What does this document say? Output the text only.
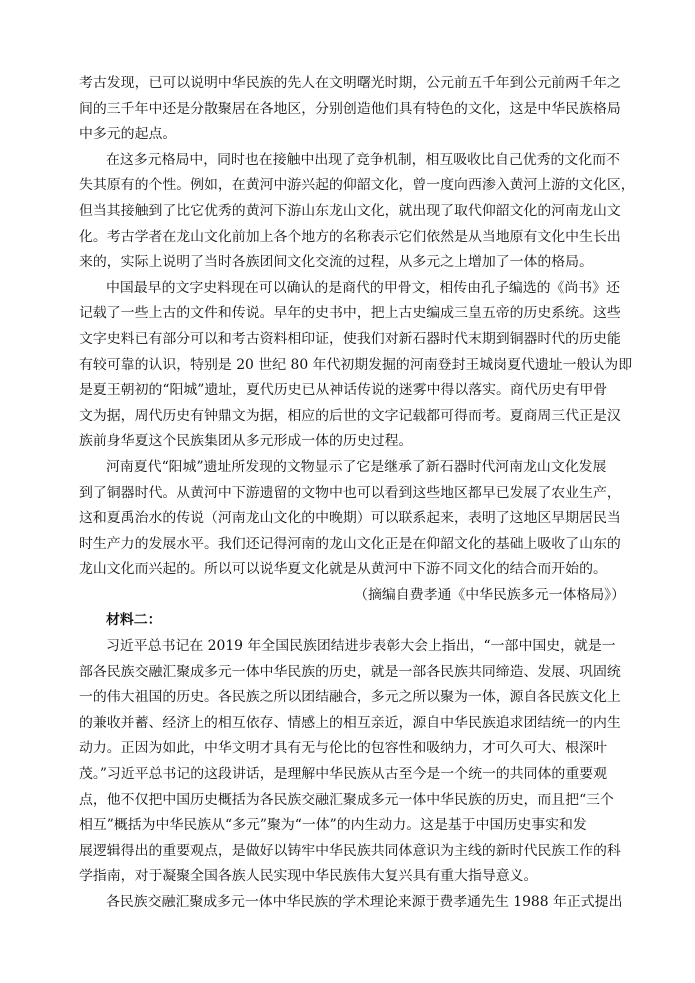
考古发现，已可以说明中华民族的先人在文明曙光时期，公元前五千年到公元前两千年之
间的三千年中还是分散聚居在各地区，分别创造他们具有特色的文化，这是中华民族格局
中多元的起点。
在这多元格局中，同时也在接触中出现了竞争机制，相互吸收比自己优秀的文化而不
失其原有的个性。例如，在黄河中游兴起的仰韶文化，曾一度向西渗入黄河上游的文化区，
但当其接触到了比它优秀的黄河下游山东龙山文化，就出现了取代仰韶文化的河南龙山文
化。考古学者在龙山文化前加上各个地方的名称表示它们依然是从当地原有文化中生长出
来的，实际上说明了当时各族团间文化交流的过程，从多元之上增加了一体的格局。
中国最早的文字史料现在可以确认的是商代的甲骨文，相传由孔子编选的《尚书》还
记载了一些上古的文件和传说。早年的史书中，把上古史编成三皇五帝的历史系统。这些
文字史料已有部分可以和考古资料相印证，使我们对新石器时代末期到铜器时代的历史能
有较可靠的认识，特别是 20 世纪 80 年代初期发掘的河南登封王城岗夏代遗址一般认为即
是夏王朝初的“阳城”遗址，夏代历史已从神话传说的迷雾中得以落实。商代历史有甲骨
文为据，周代历史有钟鼎文为据，相应的后世的文字记载都可得而考。夏商周三代正是汉
族前身华夏这个民族集团从多元形成一体的历史过程。
河南夏代“阳城”遗址所发现的文物显示了它是继承了新石器时代河南龙山文化发展
到了铜器时代。从黄河中下游遗留的文物中也可以看到这些地区都早已发展了农业生产，
这和夏禹治水的传说（河南龙山文化的中晚期）可以联系起来，表明了这地区早期居民当
时生产力的发展水平。我们还记得河南的龙山文化正是在仰韶文化的基础上吸收了山东的
龙山文化而兴起的。所以可以说华夏文化就是从黄河中下游不同文化的结合而开始的。
（摘编自费孝通《中华民族多元一体格局》）
材料二：
习近平总书记在 2019 年全国民族团结进步表彰大会上指出，“一部中国史，就是一
部各民族交融汇聚成多元一体中华民族的历史，就是一部各民族共同缔造、发展、巩固统
一的伟大祖国的历史。各民族之所以团结融合，多元之所以聚为一体，源自各民族文化上
的兼收并蓄、经济上的相互依存、情感上的相互亲近，源自中华民族追求团结统一的内生
动力。正因为如此，中华文明才具有无与伦比的包容性和吸纳力，才可久可大、根深叶
茂。”习近平总书记的这段讲话，是理解中华民族从古至今是一个统一的共同体的重要观
点，他不仅把中国历史概括为各民族交融汇聚成多元一体中华民族的历史，而且把“三个
相互”概括为中华民族从“多元”聚为“一体”的内生动力。这是基于中国历史事实和发
展逻辑得出的重要观点，是做好以铸牢中华民族共同体意识为主线的新时代民族工作的科
学指南，对于凝聚全国各族人民实现中华民族伟大复兴具有重大指导意义。
各民族交融汇聚成多元一体中华民族的学术理论来源于费孝通先生 1988 年正式提出
